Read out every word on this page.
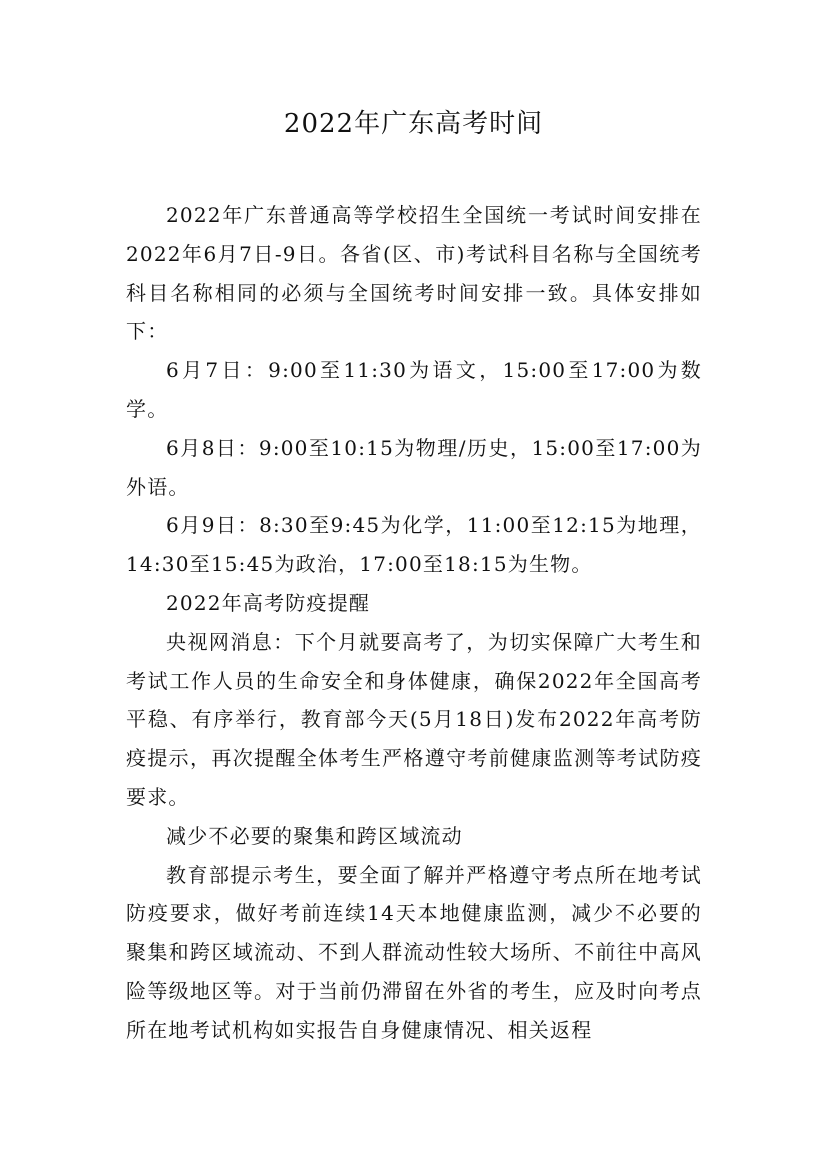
2022年广东高考时间

2022年广东普通高等学校招生全国统一考试时间安排在2022年6月7日-9日。各省(区、市)考试科目名称与全国统考科目名称相同的必须与全国统考时间安排一致。具体安排如下：

6月7日：9:00至11:30为语文，15:00至17:00为数学。

6月8日：9:00至10:15为物理/历史，15:00至17:00为外语。

6月9日：8:30至9:45为化学，11:00至12:15为地理，14:30至15:45为政治，17:00至18:15为生物。

2022年高考防疫提醒

央视网消息：下个月就要高考了，为切实保障广大考生和考试工作人员的生命安全和身体健康，确保2022年全国高考平稳、有序举行，教育部今天(5月18日)发布2022年高考防疫提示，再次提醒全体考生严格遵守考前健康监测等考试防疫要求。

减少不必要的聚集和跨区域流动

教育部提示考生，要全面了解并严格遵守考点所在地考试防疫要求，做好考前连续14天本地健康监测，减少不必要的聚集和跨区域流动、不到人群流动性较大场所、不前往中高风险等级地区等。对于当前仍滞留在外省的考生，应及时向考点所在地考试机构如实报告自身健康情况、相关返程
